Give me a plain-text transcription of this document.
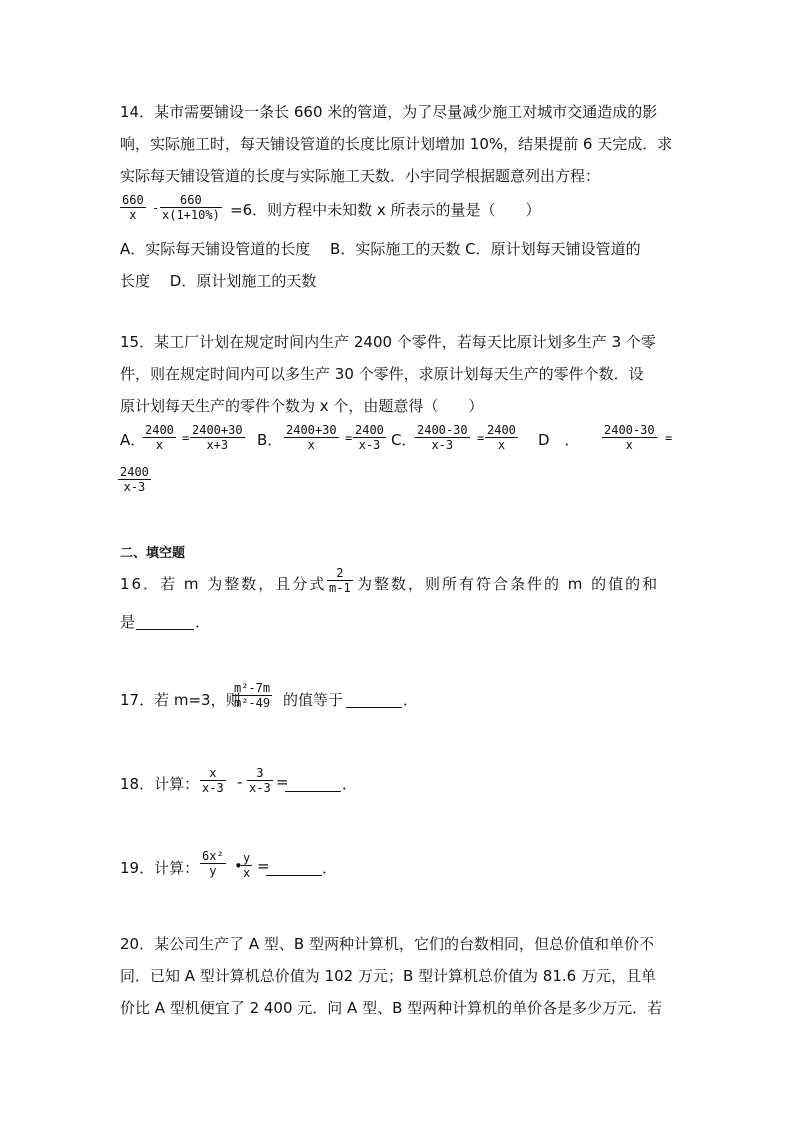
14．某市需要铺设一条长 660 米的管道，为了尽量减少施工对城市交通造成的影
响，实际施工时，每天铺设管道的长度比原计划增加 10%，结果提前 6 天完成．求
实际每天铺设管道的长度与实际施工天数．小宇同学根据题意列出方程：
$\frac{660}{x} - \frac{660}{x(1+10\%)} =6$．则方程中未知数 x 所表示的量是（　　）
A．实际每天铺设管道的长度　 B．实际施工的天数 C．原计划每天铺设管道的
长度　 D．原计划施工的天数
15．某工厂计划在规定时间内生产 2400 个零件，若每天比原计划多生产 3 个零
件，则在规定时间内可以多生产 30 个零件，求原计划每天生产的零件个数．设
原计划每天生产的零件个数为 x 个，由题意得（　　）
A．
$\frac{2400}{x} = \frac{2400+30}{x+3}$ B． $\frac{2400+30}{x} = \frac{2400}{x-3}$ C．
$\frac{2400-30}{x-3} = \frac{2400}{x}$ D　． $\frac{2400-30}{x}$ =
$\frac{2400}{x-3}$
二、填空题
16．若 m 为整数，且分式 $\frac{2}{m-1}$ 为整数，则所有符合条件的 m 的值的和
是	．
17．若 m=3，则
$\frac{\text{m²-7m}}{\text{m²-49}}$ 的值等于	．
18．计算： $\frac{x}{x-3} - \frac{3}{x-3}$ =	．
19．计算： $\frac{\text{6x²}}{y}$ •
$\frac{y}{x}$ =	．
20．某公司生产了 A 型、B 型两种计算机，它们的台数相同，但总价值和单价不
同．已知 A 型计算机总价值为 102 万元；B 型计算机总价值为 81.6 万元，且单
价比 A 型机便宜了 2 400 元．问 A 型、B 型两种计算机的单价各是多少万元．若
